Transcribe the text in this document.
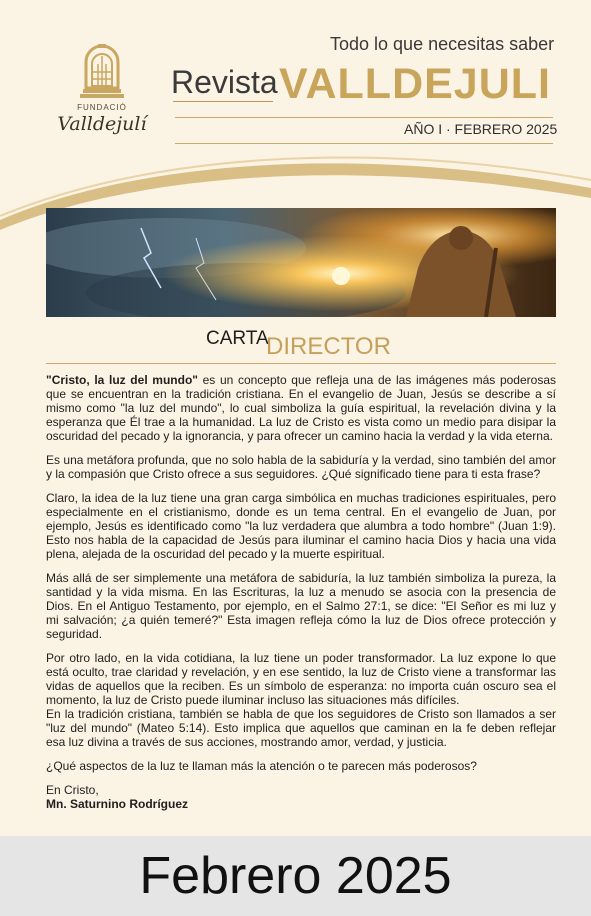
FUNDACIÓ
Valldejulí
Todo lo que necesitas saber
Revista VALLDEJULI
AÑO I · FEBRERO 2025
CARTA
DIRECTOR

"Cristo, la luz del mundo" es un concepto que refleja una de las imágenes más poderosas que se encuentran en la tradición cristiana. En el evangelio de Juan, Jesús se describe a sí mismo como "la luz del mundo", lo cual simboliza la guía espiritual, la revelación divina y la esperanza que Él trae a la humanidad. La luz de Cristo es vista como un medio para disipar la oscuridad del pecado y la ignorancia, y para ofrecer un camino hacia la verdad y la vida eterna.

Es una metáfora profunda, que no solo habla de la sabiduría y la verdad, sino también del amor y la compasión que Cristo ofrece a sus seguidores. ¿Qué significado tiene para ti esta frase?

Claro, la idea de la luz tiene una gran carga simbólica en muchas tradiciones espirituales, pero especialmente en el cristianismo, donde es un tema central. En el evangelio de Juan, por ejemplo, Jesús es identificado como "la luz verdadera que alumbra a todo hombre" (Juan 1:9). Esto nos habla de la capacidad de Jesús para iluminar el camino hacia Dios y hacia una vida plena, alejada de la oscuridad del pecado y la muerte espiritual.

Más allá de ser simplemente una metáfora de sabiduría, la luz también simboliza la pureza, la santidad y la vida misma. En las Escrituras, la luz a menudo se asocia con la presencia de Dios. En el Antiguo Testamento, por ejemplo, en el Salmo 27:1, se dice: "El Señor es mi luz y mi salvación; ¿a quién temeré?" Esta imagen refleja cómo la luz de Dios ofrece protección y seguridad.

Por otro lado, en la vida cotidiana, la luz tiene un poder transformador. La luz expone lo que está oculto, trae claridad y revelación, y en ese sentido, la luz de Cristo viene a transformar las vidas de aquellos que la reciben. Es un símbolo de esperanza: no importa cuán oscuro sea el momento, la luz de Cristo puede iluminar incluso las situaciones más difíciles.

En la tradición cristiana, también se habla de que los seguidores de Cristo son llamados a ser "luz del mundo" (Mateo 5:14). Esto implica que aquellos que caminan en la fe deben reflejar esa luz divina a través de sus acciones, mostrando amor, verdad, y justicia.

¿Qué aspectos de la luz te llaman más la atención o te parecen más poderosos?

En Cristo,

Mn. Saturnino Rodríguez

Febrero 2025
